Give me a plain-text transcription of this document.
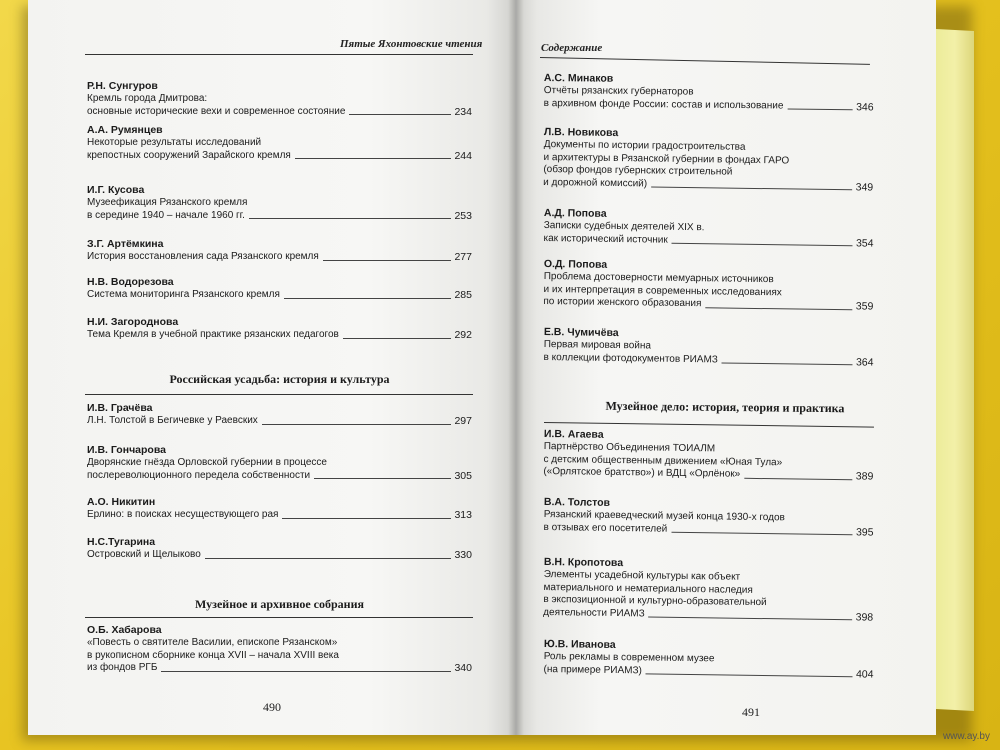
Пятые Яхонтовские чтения
Р.Н. Сунгуров
Кремль города Дмитрова:
основные исторические вехи и современное состояние	234
А.А. Румянцев
Некоторые результаты исследований
крепостных сооружений Зарайского кремля	244
И.Г. Кусова
Музеефикация Рязанского кремля
в середине 1940 – начале 1960 гг.	253
З.Г. Артёмкина
История восстановления сада Рязанского кремля	277
Н.В. Водорезова
Система мониторинга Рязанского кремля	285
Н.И. Загороднова
Тема Кремля в учебной практике рязанских педагогов	292
Российская усадьба: история и культура
И.В. Грачёва
Л.Н. Толстой в Бегичевке у Раевских	297
И.В. Гончарова
Дворянские гнёзда Орловской губернии в процессе
послереволюционного передела собственности	305
А.О. Никитин
Ерлино: в поисках несуществующего рая	313
Н.С.Тугарина
Островский и Щелыково	330
Музейное и архивное собрания
О.Б. Хабарова
«Повесть о святителе Василии, епископе Рязанском»
в рукописном сборнике конца XVII – начала XVIII века
из фондов РГБ	340
490
Содержание
А.С. Минаков
Отчёты рязанских губернаторов
в архивном фонде России: состав и использование	346
Л.В. Новикова
Документы по истории градостроительства
и архитектуры в Рязанской губернии в фондах ГАРО
(обзор фондов губернских строительной
и дорожной комиссий)	349
А.Д. Попова
Записки судебных деятелей XIX в.
как исторический источник	354
О.Д. Попова
Проблема достоверности мемуарных источников
и их интерпретация в современных исследованиях
по истории женского образования	359
Е.В. Чумичёва
Первая мировая война
в коллекции фотодокументов РИАМЗ	364
Музейное дело: история, теория и практика
И.В. Агаева
Партнёрство Объединения ТОИАЛМ
с детским общественным движением «Юная Тула»
(«Орлятское братство») и ВДЦ «Орлёнок»	389
В.А. Толстов
Рязанский краеведческий музей конца 1930-х годов
в отзывах его посетителей	395
В.Н. Кропотова
Элементы усадебной культуры как объект
материального и нематериального наследия
в экспозиционной и культурно-образовательной
деятельности РИАМЗ	398
Ю.В. Иванова
Роль рекламы в современном музее
(на примере РИАМЗ)	404
491
www.ay.by
